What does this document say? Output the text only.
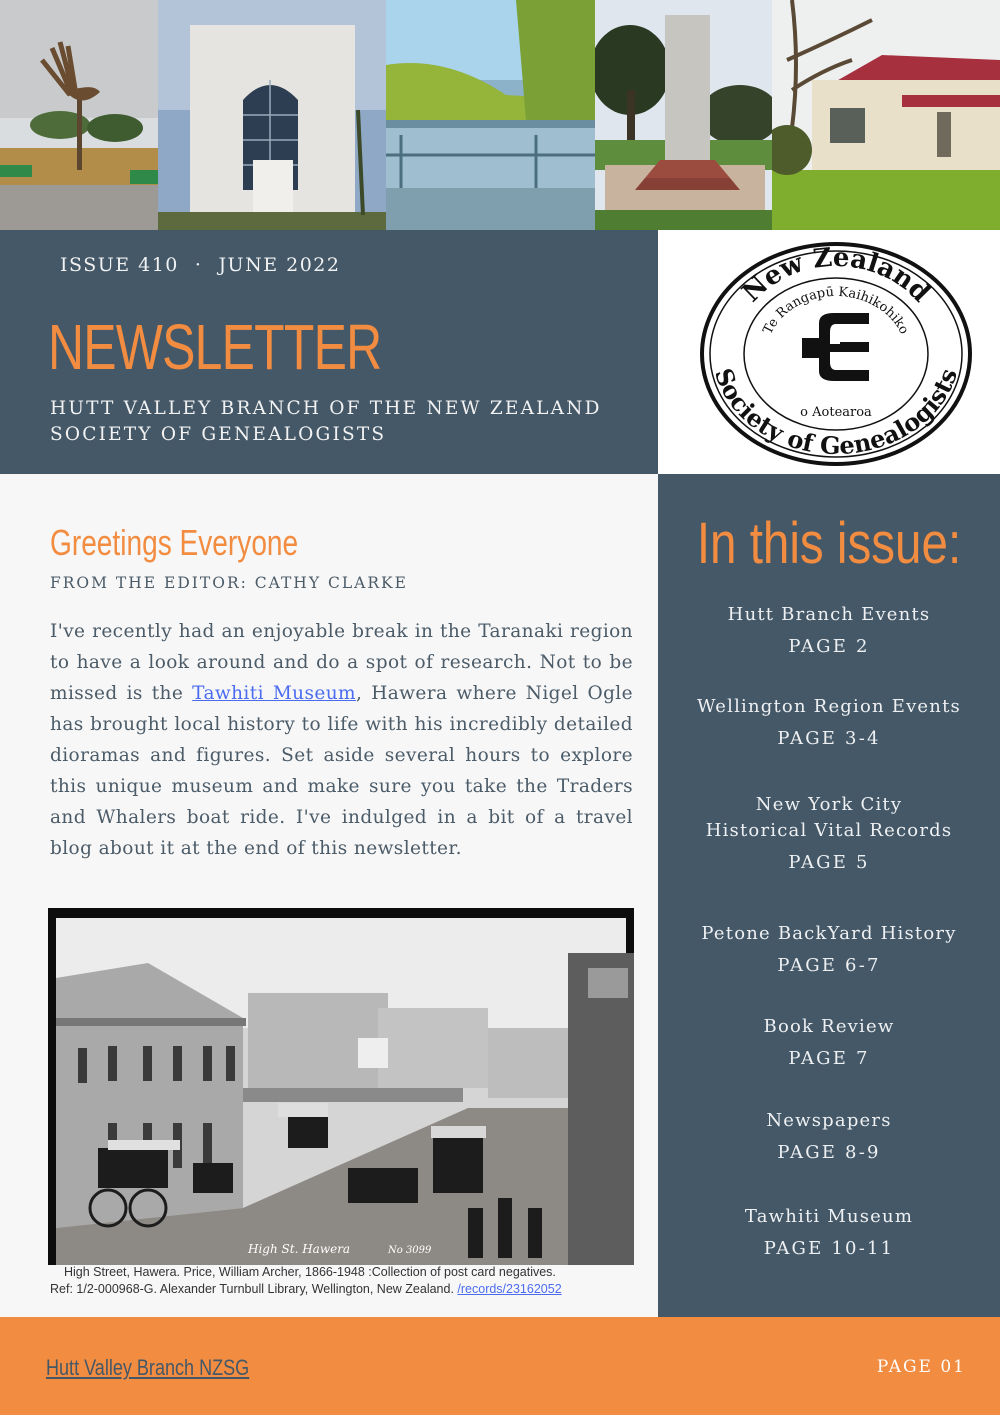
ISSUE 410 · JUNE 2022
NEWSLETTER
HUTT VALLEY BRANCH OF THE NEW ZEALAND SOCIETY OF GENEALOGISTS
New Zealand
Te Rangapū Kaihikohiko
o Aotearoa
Society of Genealogists
Greetings Everyone
FROM THE EDITOR: CATHY CLARKE

I've recently had an enjoyable break in the Taranaki region to have a look around and do a spot of research. Not to be missed is the Tawhiti Museum, Hawera where Nigel Ogle has brought local history to life with his incredibly detailed dioramas and figures. Set aside several hours to explore this unique museum and make sure you take the Traders and Whalers boat ride. I've indulged in a bit of a travel blog about it at the end of this newsletter.

High St. Hawera	No 3099
High Street, Hawera. Price, William Archer, 1866-1948 :Collection of post card negatives.
Ref: 1/2-000968-G. Alexander Turnbull Library, Wellington, New Zealand. /records/23162052
In this issue:
Hutt Branch Events
PAGE 2
Wellington Region Events
PAGE 3-4
New York City Historical Vital Records
PAGE 5
Petone BackYard History
PAGE 6-7
Book Review
PAGE 7
Newspapers
PAGE 8-9
Tawhiti Museum
PAGE 10-11
Hutt Valley Branch NZSG	PAGE 01
